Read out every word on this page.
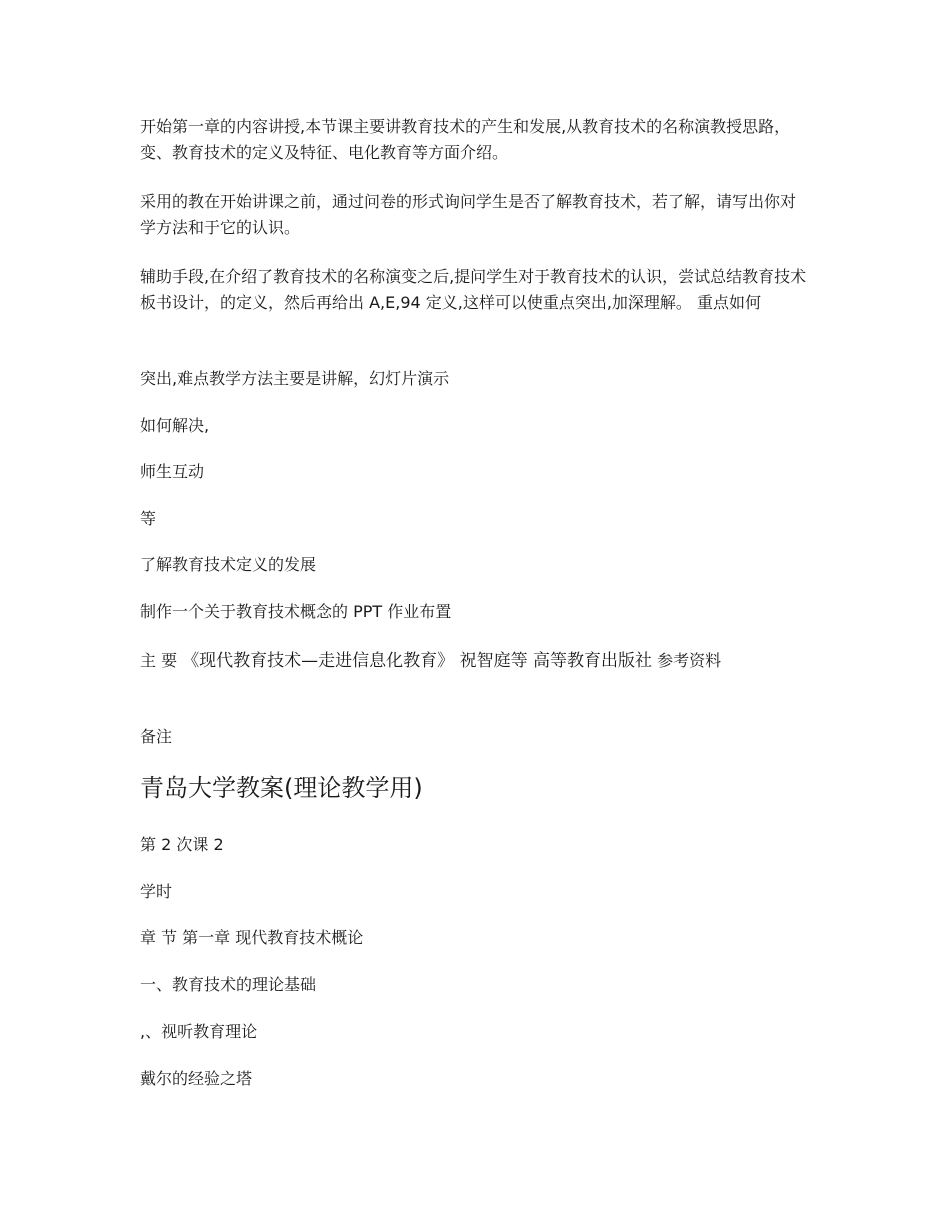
开始第一章的内容讲授,本节课主要讲教育技术的产生和发展,从教育技术的名称演教授思路，变、教育技术的定义及特征、电化教育等方面介绍。

采用的教在开始讲课之前，通过问卷的形式询问学生是否了解教育技术，若了解，请写出你对学方法和于它的认识。

辅助手段,在介绍了教育技术的名称演变之后,提问学生对于教育技术的认识，尝试总结教育技术板书设计，的定义，然后再给出 A,E,94 定义,这样可以使重点突出,加深理解。 重点如何

突出,难点教学方法主要是讲解，幻灯片演示

如何解决,

师生互动

等

了解教育技术定义的发展

制作一个关于教育技术概念的 PPT 作业布置

主 要 《现代教育技术—走进信息化教育》 祝智庭等 高等教育出版社 参考资料

备注

青岛大学教案(理论教学用)

第 2 次课 2

学时

章 节 第一章 现代教育技术概论

一、教育技术的理论基础

,、视听教育理论

戴尔的经验之塔
